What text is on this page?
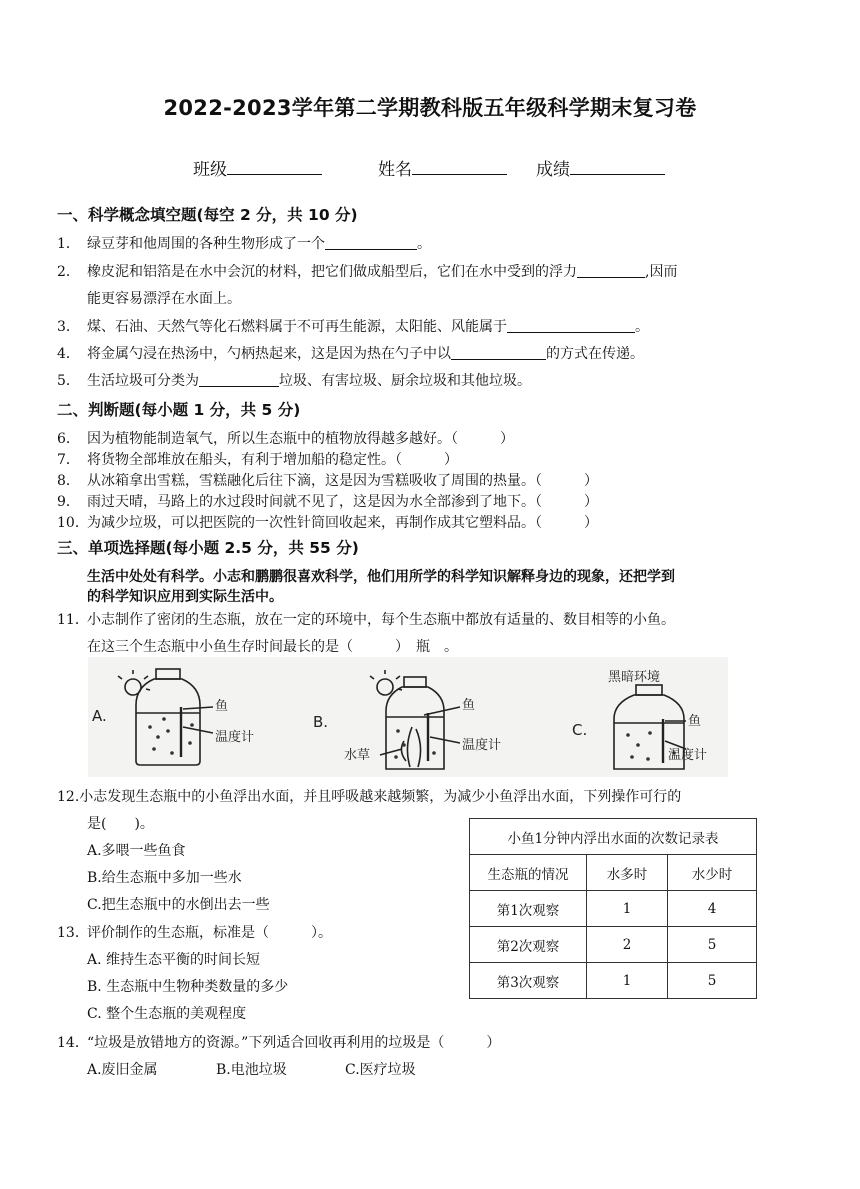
2022-2023学年第二学期教科版五年级科学期末复习卷
班级	姓名	成绩
一、科学概念填空题(每空 2 分，共 10 分)
1． 绿豆芽和他周围的各种生物形成了一个	。
2． 橡皮泥和铝箔是在水中会沉的材料，把它们做成船型后，它们在水中受到的浮力	,因而
能更容易漂浮在水面上。
3． 煤、石油、天然气等化石燃料属于不可再生能源，太阳能、风能属于	。
4． 将金属勺浸在热汤中，勺柄热起来，这是因为热在勺子中以	的方式在传递。
5． 生活垃圾可分类为	垃圾、有害垃圾、厨余垃圾和其他垃圾。
二、判断题(每小题 1 分，共 5 分)
6． 因为植物能制造氧气，所以生态瓶中的植物放得越多越好。（　　　）
7． 将货物全部堆放在船头，有利于增加船的稳定性。（　　　）
8． 从冰箱拿出雪糕，雪糕融化后往下滴，这是因为雪糕吸收了周围的热量。（　　　）
9． 雨过天晴，马路上的水过段时间就不见了，这是因为水全部渗到了地下。（　　　）
10．为减少垃圾，可以把医院的一次性针筒回收起来，再制作成其它塑料品。（　　　）
三、单项选择题(每小题 2.5 分，共 55 分)
生活中处处有科学。小志和鹏鹏很喜欢科学，他们用所学的科学知识解释身边的现象，还把学到
的科学知识应用到实际生活中。
11．小志制作了密闭的生态瓶，放在一定的环境中，每个生态瓶中都放有适量的、数目相等的小鱼。
在这三个生态瓶中小鱼生存时间最长的是（　　　）　瓶　。
A.	B.	C.
鱼
温度计
鱼
温度计
水草
黑暗环境
鱼
温度计
12.小志发现生态瓶中的小鱼浮出水面，并且呼吸越来越频繁，为减少小鱼浮出水面，下列操作可行的
是(　　)。
A.多喂一些鱼食
B.给生态瓶中多加一些水
C.把生态瓶中的水倒出去一些
小鱼1分钟内浮出水面的次数记录表		
生态瓶的情况	水多时	水少时
第1次观察	1	4
第2次观察	2	5
第3次观察	1	5
13．评价制作的生态瓶，标准是（　　　）。
A. 维持生态平衡的时间长短
B. 生态瓶中生物种类数量的多少
C. 整个生态瓶的美观程度
14．“垃圾是放错地方的资源。”下列适合回收再利用的垃圾是（　　　）
A.废旧金属	B.电池垃圾	C.医疗垃圾
